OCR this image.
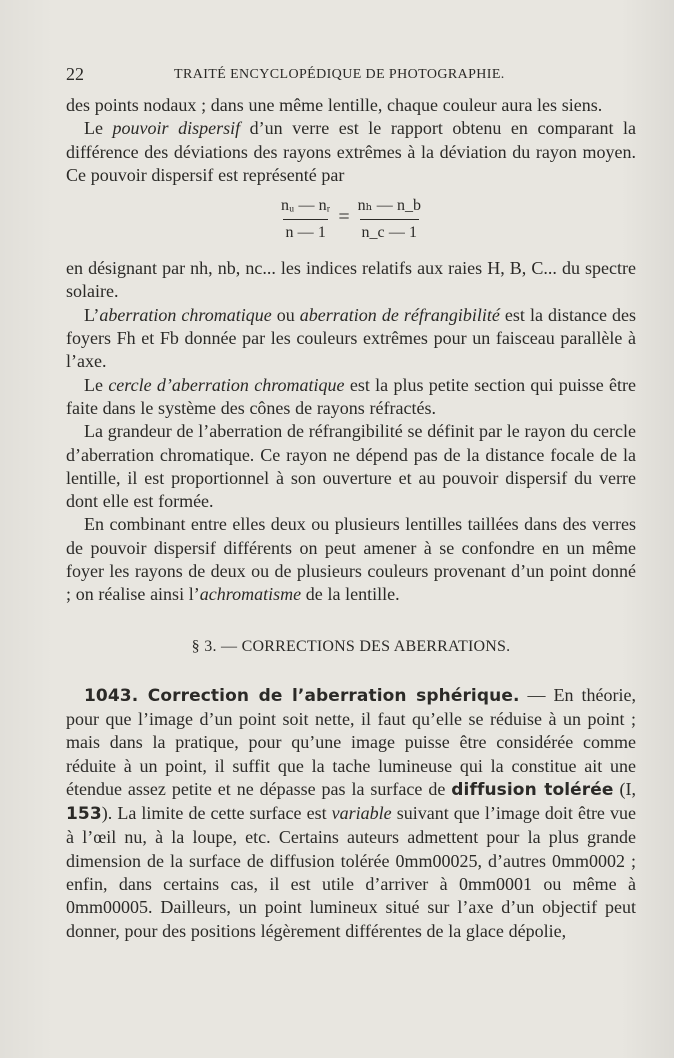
22	TRAITÉ ENCYCLOPÉDIQUE DE PHOTOGRAPHIE.

des points nodaux ; dans une même lentille, chaque couleur aura les siens.

Le pouvoir dispersif d’un verre est le rapport obtenu en comparant la différence des déviations des rayons extrêmes à la déviation du rayon moyen. Ce pouvoir dispersif est représenté par

$\frac{\text{nᵤ — nᵣ}}{n — 1} = \frac{\text{nₕ — n\_b}}{n\_c — 1}$

en désignant par nh, nb, nc... les indices relatifs aux raies H, B, C... du spectre solaire.

L’aberration chromatique ou aberration de réfrangibilité est la distance des foyers Fh et Fb donnée par les couleurs extrêmes pour un faisceau parallèle à l’axe.

Le cercle d’aberration chromatique est la plus petite section qui puisse être faite dans le système des cônes de rayons réfractés.

La grandeur de l’aberration de réfrangibilité se définit par le rayon du cercle d’aberration chromatique. Ce rayon ne dépend pas de la distance focale de la lentille, il est proportionnel à son ouverture et au pouvoir dispersif du verre dont elle est formée.

En combinant entre elles deux ou plusieurs lentilles taillées dans des verres de pouvoir dispersif différents on peut amener à se confondre en un même foyer les rayons de deux ou de plusieurs couleurs provenant d’un point donné ; on réalise ainsi l’achromatisme de la lentille.

§ 3. — CORRECTIONS DES ABERRATIONS.

1043. Correction de l’aberration sphérique. — En théorie, pour que l’image d’un point soit nette, il faut qu’elle se réduise à un point ; mais dans la pratique, pour qu’une image puisse être considérée comme réduite à un point, il suffit que la tache lumineuse qui la constitue ait une étendue assez petite et ne dépasse pas la surface de diffusion tolérée (I, 153). La limite de cette surface est variable suivant que l’image doit être vue à l’œil nu, à la loupe, etc. Certains auteurs admettent pour la plus grande dimension de la surface de diffusion tolérée 0mm00025, d’autres 0mm0002 ; enfin, dans certains cas, il est utile d’arriver à 0mm0001 ou même à 0mm00005. Dailleurs, un point lumineux situé sur l’axe d’un objectif peut donner, pour des positions légèrement différentes de la glace dépolie,
